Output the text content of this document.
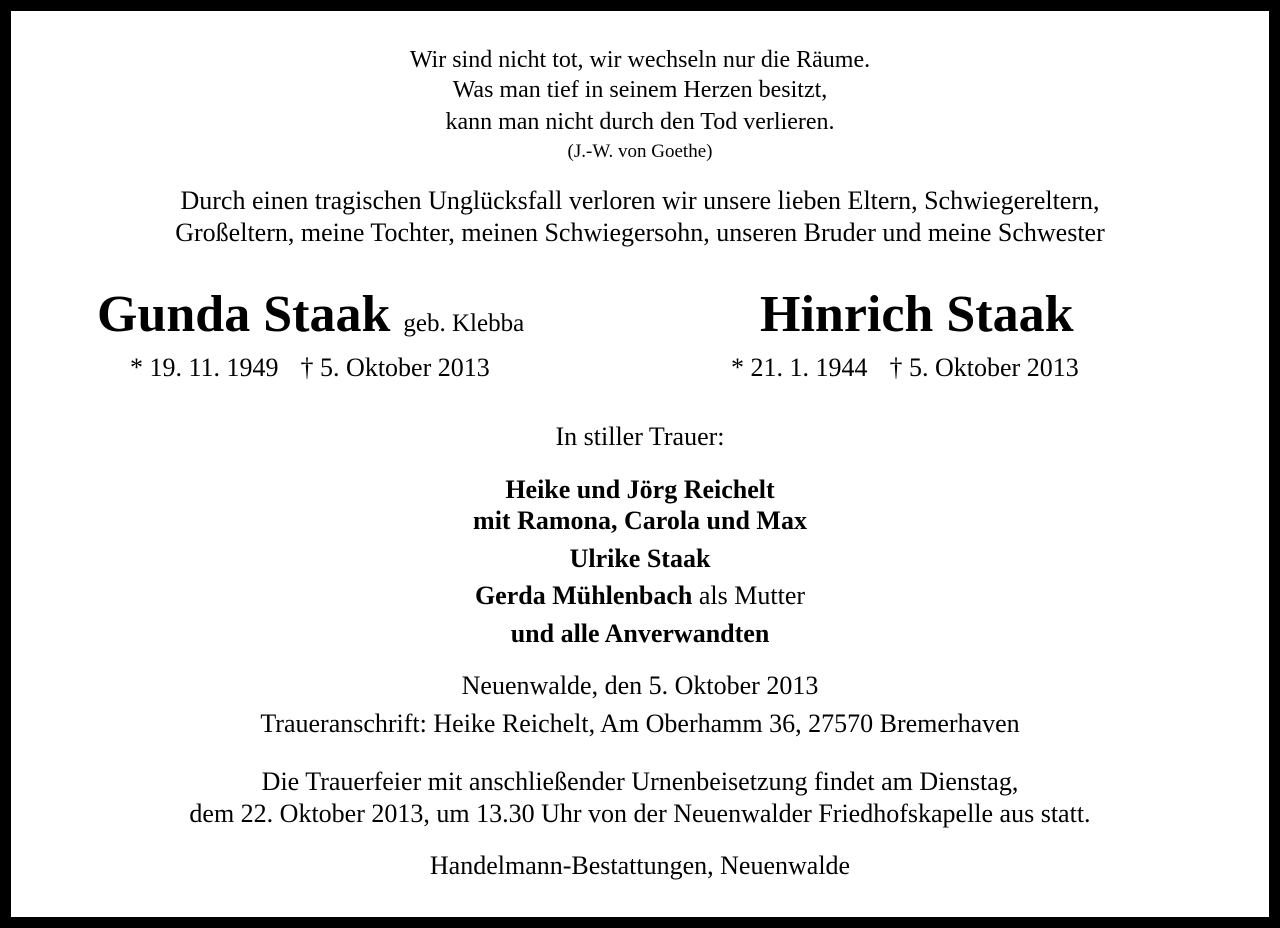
Wir sind nicht tot, wir wechseln nur die Räume.
Was man tief in seinem Herzen besitzt,
kann man nicht durch den Tod verlieren.
(J.-W. von Goethe)
Durch einen tragischen Unglücksfall verloren wir unsere lieben Eltern, Schwiegereltern,
Großeltern, meine Tochter, meinen Schwiegersohn, unseren Bruder und meine Schwester
Gunda Staak geb. Klebba
* 19. 11. 1949 † 5. Oktober 2013
Hinrich Staak
* 21. 1. 1944 † 5. Oktober 2013
In stiller Trauer:
Heike und Jörg Reichelt
mit Ramona, Carola und Max
Ulrike Staak
Gerda Mühlenbach als Mutter
und alle Anverwandten
Neuenwalde, den 5. Oktober 2013
Traueranschrift: Heike Reichelt, Am Oberhamm 36, 27570 Bremerhaven
Die Trauerfeier mit anschließender Urnenbeisetzung findet am Dienstag,
dem 22. Oktober 2013, um 13.30 Uhr von der Neuenwalder Friedhofskapelle aus statt.
Handelmann-Bestattungen, Neuenwalde
